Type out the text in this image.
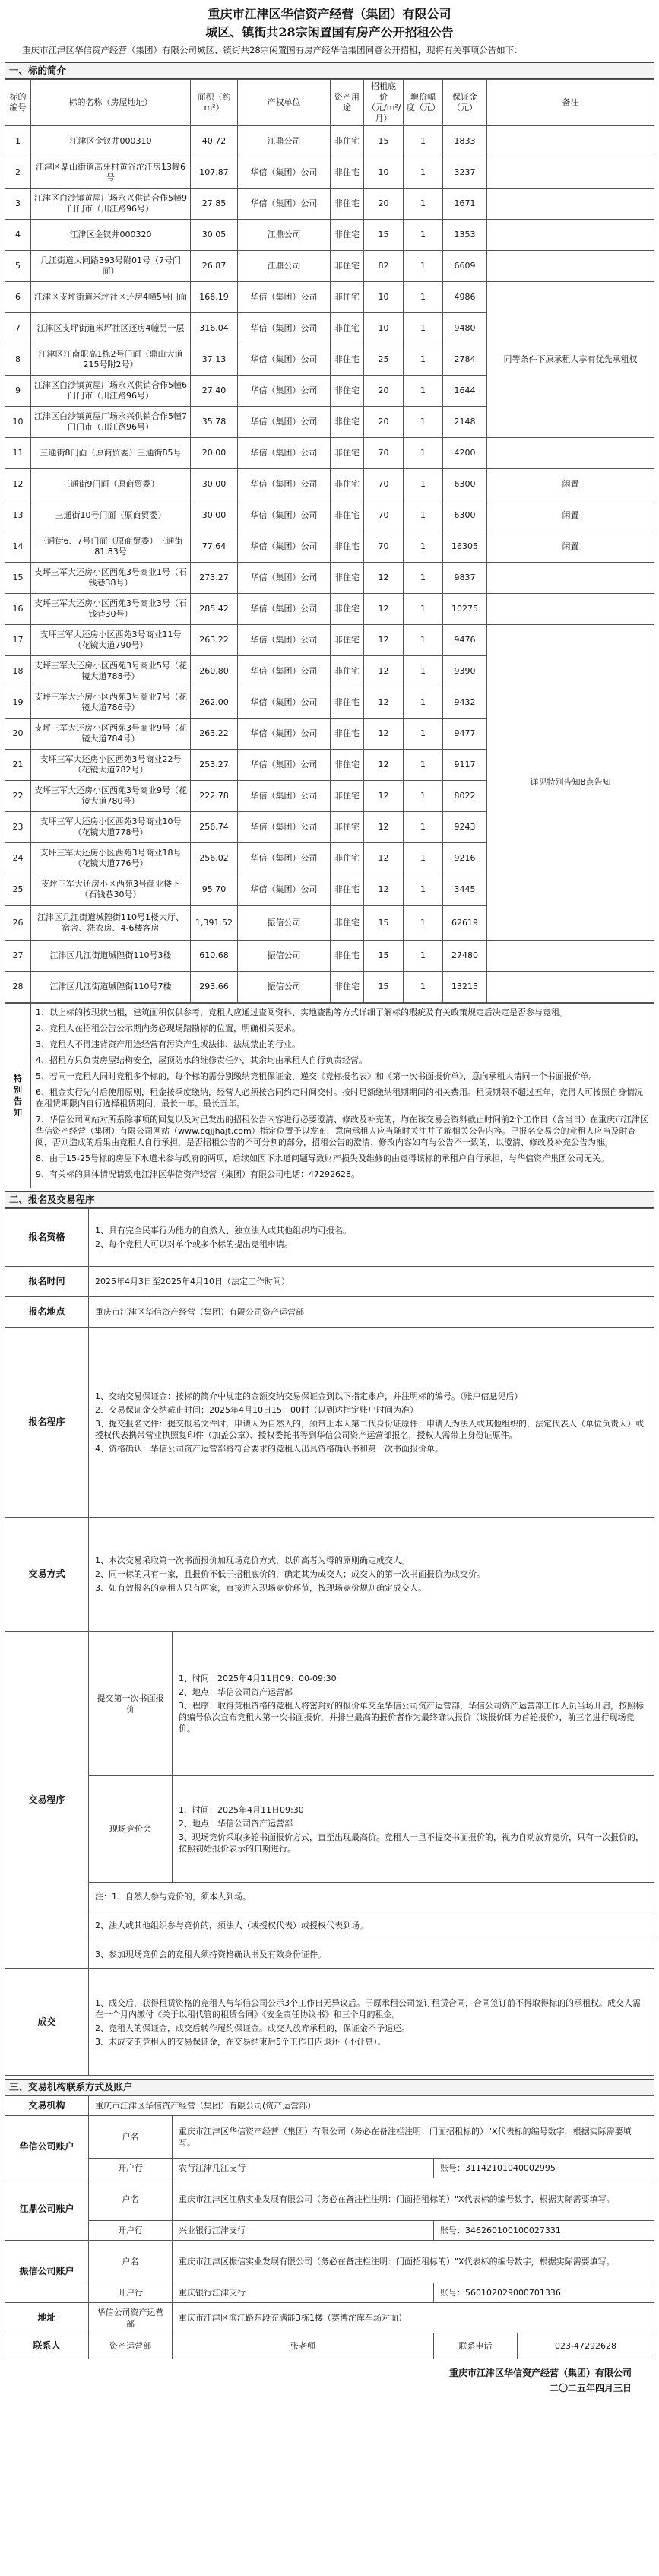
重庆市江津区华信资产经营（集团）有限公司
城区、镇街共28宗闲置国有房产公开招租公告
重庆市江津区华信资产经营（集团）有限公司城区、镇街共28宗闲置国有房产经华信集团同意公开招租，现将有关事项公告如下：
一、标的简介
标的编号	标的名称（房屋地址）	面积（约m²）	产权单位	资产用途	招租底价（元/m²/月）	增价幅度（元）	保证金（元）	备注
1	江津区金钗井000310	40.72	江鼎公司	非住宅	15	1	1833	
2	江津区鼎山街道高牙村黄谷沱汪房13幢6号	107.87	华信（集团）公司	非住宅	10	1	3237	
3	江津区白沙镇黄屋厂场永兴供销合作5幢9门门市（川江路96号）	27.85	华信（集团）公司	非住宅	20	1	1671	
4	江津区金钗井000320	30.05	江鼎公司	非住宅	15	1	1353	
5	几江街道大同路393号附01号（7号门面）	26.87	江鼎公司	非住宅	82	1	6609	
6	江津区支坪街道米坪社区还房4幢5号门面	166.19	华信（集团）公司	非住宅	10	1	4986	同等条件下原承租人享有优先承租权
7	江津区支坪街道米坪社区还房4幢另一层	316.04	华信（集团）公司	非住宅	10	1	9480	
8	江津区江南职高1栋2号门面（鼎山大道215号附2号）	37.13	华信（集团）公司	非住宅	25	1	2784	
9	江津区白沙镇黄屋厂场永兴供销合作5幢6门门市（川江路96号）	27.40	华信（集团）公司	非住宅	20	1	1644	
10	江津区白沙镇黄屋厂场永兴供销合作5幢7门门市（川江路96号）	35.78	华信（集团）公司	非住宅	20	1	2148	
11	三通街8门面（原商贸委）三通街85号	20.00	华信（集团）公司	非住宅	70	1	4200	
12	三通街9门面（原商贸委）	30.00	华信（集团）公司	非住宅	70	1	6300	闲置
13	三通街10号门面（原商贸委）	30.00	华信（集团）公司	非住宅	70	1	6300	闲置
14	三通街6、7号门面（原商贸委）三通街81.83号	77.64	华信（集团）公司	非住宅	70	1	16305	闲置
15	支坪三军大还房小区西苑3号商业1号（石钱巷38号）	273.27	华信（集团）公司	非住宅	12	1	9837	
16	支坪三军大还房小区西苑3号商业3号（石钱巷30号）	285.42	华信（集团）公司	非住宅	12	1	10275	
17	支坪三军大还房小区西苑3号商业11号（花镜大道790号）	263.22	华信（集团）公司	非住宅	12	1	9476	详见特别告知8点告知
18	支坪三军大还房小区西苑3号商业5号（花镜大道788号）	260.80	华信（集团）公司	非住宅	12	1	9390	
19	支坪三军大还房小区西苑3号商业7号（花镜大道786号）	262.00	华信（集团）公司	非住宅	12	1	9432	
20	支坪三军大还房小区西苑3号商业9号（花镜大道784号）	263.22	华信（集团）公司	非住宅	12	1	9477	
21	支坪三军大还房小区西苑3号商业22号（花镜大道782号）	253.27	华信（集团）公司	非住宅	12	1	9117	
22	支坪三军大还房小区西苑3号商业9号（花镜大道780号）	222.78	华信（集团）公司	非住宅	12	1	8022	
23	支坪三军大还房小区西苑3号商业10号（花镜大道778号）	256.74	华信（集团）公司	非住宅	12	1	9243	
24	支坪三军大还房小区西苑3号商业18号（花镜大道776号）	256.02	华信（集团）公司	非住宅	12	1	9216	
25	支坪三军大还房小区西苑3号商业楼下（石钱巷30号）	95.70	华信（集团）公司	非住宅	12	1	3445	
26	江津区几江街道城隍街110号1楼大厅、宿舍、洗衣房、4-6楼客房	1,391.52	振信公司	非住宅	15	1	62619	
27	江津区几江街道城隍街110号3楼	610.68	振信公司	非住宅	15	1	27480	
28	江津区几江街道城隍街110号7楼	293.66	振信公司	非住宅	15	1	13215	
特别告知	

1、以上标的按现状出租，建筑面积仅供参考，竞租人应通过查阅资料、实地查勘等方式详细了解标的瑕疵及有关政策规定后决定是否参与竞租。

2、竞租人在招租公告公示期内务必现场踏勘标的位置，明确相关要求。

3、竞租人不得违背资产用途经营有污染产生或法律、法规禁止的行业。

4、招租方只负责房屋结构安全，屋顶防水的维修责任外，其余均由承租人自行负责经营。

5、若同一竞租人同时竞租多个标的，每个标的需分别缴纳竞租保证金，递交《竞标报名表》和《第一次书面报价单》，意向承租人请同一个书面报价单。

6、租金实行先付后使用原则，租金按季度缴纳，经营人必须按合同约定时间交付。按时足额缴纳租期期间的相关费用。租赁期限不超过五年，竞得人可按照自身情况在租赁期限内自行选择租赁期间，最长一年。最长五年。

7、华信公司网站对所系除事项的回复以及对已发出的招租公告内容进行必要澄清、修改及补充的，均在该交易会资料截止时间前2个工作日（含当日）在重庆市江津区华信资产经营（集团）有限公司网站（www.cqjjhajt.com）指定位置予以发布，意向承租人应当随时关注并了解相关公告内容。已报名交易会的竞租人应当及时查阅，否则造成的后果由竞租人自行承担，是否招租公告的不可分割的部分，招租公告的澄清、修改内容如有与公告不一致的，以澄清、修改及补充公告为准。

8、由于15-25号标的房屋下水道未参与政府的两项，后续如因下水道问题导致财产损失及维修的由竞得该标的承租户自行承担，与华信资产集团公司无关。

9、有关标的具体情况请致电江津区华信资产经营（集团）有限公司电话：47292628。

二、报名及交易程序
报名资格	1、具有完全民事行为能力的自然人、独立法人或其他组织均可报名。

2、每个竞租人可以对单个或多个标的提出竞租申请。	

报名时间	2025年4月3日至2025年4月10日（法定工作时间）	
报名地点	重庆市江津区华信资产经营（集团）有限公司资产运营部	
报名程序	1、交纳交易保证金：按标的简介中规定的金额交纳交易保证金到以下指定账户，并注明标的编号。（账户信息见后）

2、交易保证金交纳截止时间：2025年4月10日15：00时（以到达指定账户时间为准）

3、提交报名文件：提交报名文件时，申请人为自然人的，须带上本人第二代身份证原件；申请人为法人或其他组织的，法定代表人（单位负责人）或授权代表携带营业执照复印件（加盖公章）、授权委托书等到华信公司资产运营部报名，授权人需带上身份证原件。

4、资格确认：华信公司资产运营部将符合要求的竞租人出具资格确认书和第一次书面报价单。	

交易方式	1、本次交易采取第一次书面报价加现场竞价方式，以价高者为得的原则确定成交人。

2、同一标的只有一家，且报价不低于招租底价的，确定其为成交人；成交人的第一次书面报价为成交价。

3、如有效报名的竞租人只有两家，直接进入现场竞价环节，按现场竞价规则确定成交人。	

交易程序	提交第一次书面报价	1、时间：2025年4月11日09：00-09:30

2、地点：华信公司资产运营部

3、程序：取得竞租资格的竞租人将密封好的报价单交至华信公司资产运营部，华信公司资产运营部工作人员当场开启，按照标的编号依次宣布竞租人第一次书面报价，并排出最高的报价者作为最终确认报价（该报价即为首轮报价），前三名进行现场竞价。

	现场竞价会	1、时间：2025年4月11日09:30

2、地点：华信公司资产运营部

3、现场竞价采取多轮书面报价方式，直至出现最高价。竞租人一旦不提交书面报价的，视为自动放弃竞价，只有一次报价的，按照初始报价表示的日期进行。

	注：1、自然人参与竞价的，须本人到场。	
	2、法人或其他组织参与竞价的，须法人（或授权代表）或授权代表到场。	
	3、参加现场竞价会的竞租人须持资格确认书及有效身份证件。	
成交	1、成交后，获得租赁资格的竞租人与华信公司公示3个工作日无异议后。于原承租公司签订租赁合同，合同签订前不得取得标的的承租权。成交人需在一个月内缴付《关于以租代管的租赁合同》《安全责任协议书》和三个月的租金。

2、竞租人的保证金，成交后转作履约保证金。成交人放弃承租的，保证金不予退还。

3、未成交的竞租人的交易保证金，在交易结束后5个工作日内退还（不计息）。	

三、交易机构联系方式及账户
交易机构	重庆市江津区华信资产经营（集团）有限公司(资产运营部）			
华信公司账户	户名	重庆市江津区华信资产经营（集团）有限公司（务必在备注栏注明：门面招租标的）"X代表标的编号数字，根据实际需要填写。		
	开户行	农行江津几江支行	账号：31142101040002995	
江鼎公司账户	户名	重庆市江津区江鼎实业发展有限公司（务必在备注栏注明：门面招租标的）"X代表标的编号数字，根据实际需要填写。		
	开户行	兴业银行江津支行	账号：346260100100027331	
振信公司账户	户名	重庆市江津区振信实业发展有限公司（务必在备注栏注明：门面招租标的）"X代表标的编号数字，根据实际需要填写。		
	开户行	重庆银行江津支行	账号：560102029000701336	
地址	华信公司资产运营部	重庆市江津区滨江路东段充满能3栋1楼（赛博沱库车场对面）		
联系人	资产运营部	张老师	联系电话	023-47292628
重庆市江津区华信资产经营（集团）有限公司
二〇二五年四月三日
